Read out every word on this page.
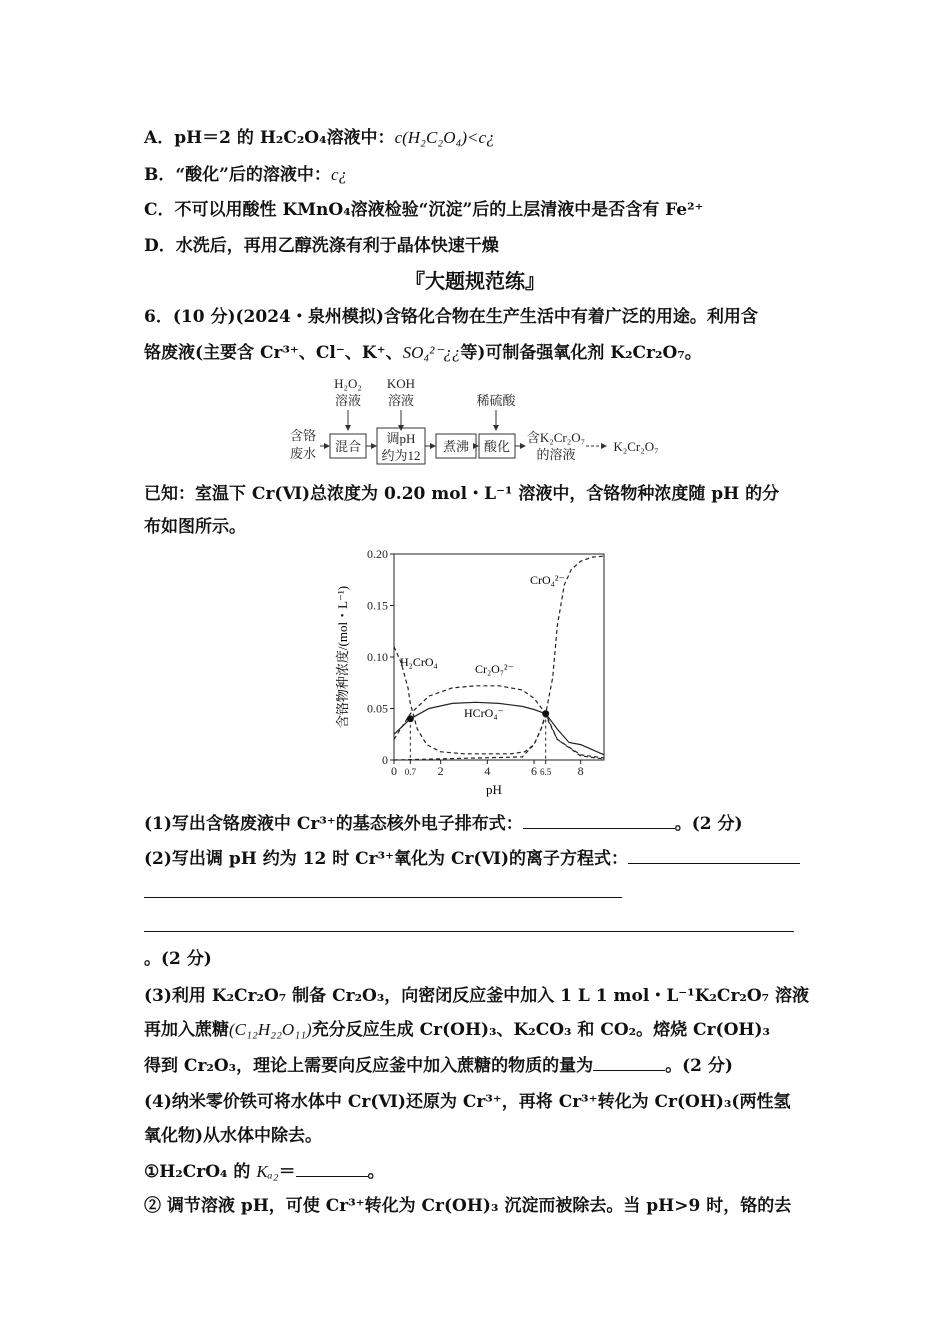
A．pH＝2 的 H₂C₂O₄溶液中：c(H₂C₂O₄)<c¿
B．“酸化”后的溶液中：c¿
C．不可以用酸性 KMnO₄溶液检验“沉淀”后的上层清液中是否含有 Fe²⁺
D．水洗后，再用乙醇洗涤有利于晶体快速干燥
『大题规范练』
6．(10 分)(2024・泉州模拟)含铬化合物在生产生活中有着广泛的用途。利用含
铬废液(主要含 Cr³⁺、Cl⁻、K⁺、SO₄²⁻¿¿等)可制备强氧化剂 K₂Cr₂O₇。
含铬
废水
H₂O₂
溶液
KOH
溶液	稀硫酸
混合
调pH
约为12
煮沸 酸化
含K₂Cr₂O₇
的溶液
K₂Cr₂O₇
已知：室温下 Cr(Ⅵ)总浓度为 0.20 mol・L⁻¹ 溶液中，含铬物种浓度随 pH 的分
布如图所示。
0
0.05
0.10
0.15
0.20
0 0.7 2	4	6 6.5 8
含铬物种浓度/(mol・L⁻¹)
pH
H₂CrO₄	Cr₂O₇²⁻
HCrO₄⁻
CrO₄²⁻
(1)写出含铬废液中 Cr³⁺的基态核外电子排布式：	。(2 分)
(2)写出调 pH 约为 12 时 Cr³⁺氧化为 Cr(Ⅵ)的离子方程式：
。(2 分)
(3)利用 K₂Cr₂O₇ 制备 Cr₂O₃，向密闭反应釜中加入 1 L 1 mol・L⁻¹K₂Cr₂O₇ 溶液
再加入蔗糖(C₁₂H₂₂O₁₁)充分反应生成 Cr(OH)₃、K₂CO₃ 和 CO₂。熔烧 Cr(OH)₃
得到 Cr₂O₃，理论上需要向反应釜中加入蔗糖的物质的量为	。(2 分)
(4)纳米零价铁可将水体中 Cr(Ⅵ)还原为 Cr³⁺，再将 Cr³⁺转化为 Cr(OH)₃(两性氢
氧化物)从水体中除去。
①H₂CrO₄ 的 Kₐ₂＝	。
② 调节溶液 pH，可使 Cr³⁺转化为 Cr(OH)₃ 沉淀而被除去。当 pH>9 时，铬的去
